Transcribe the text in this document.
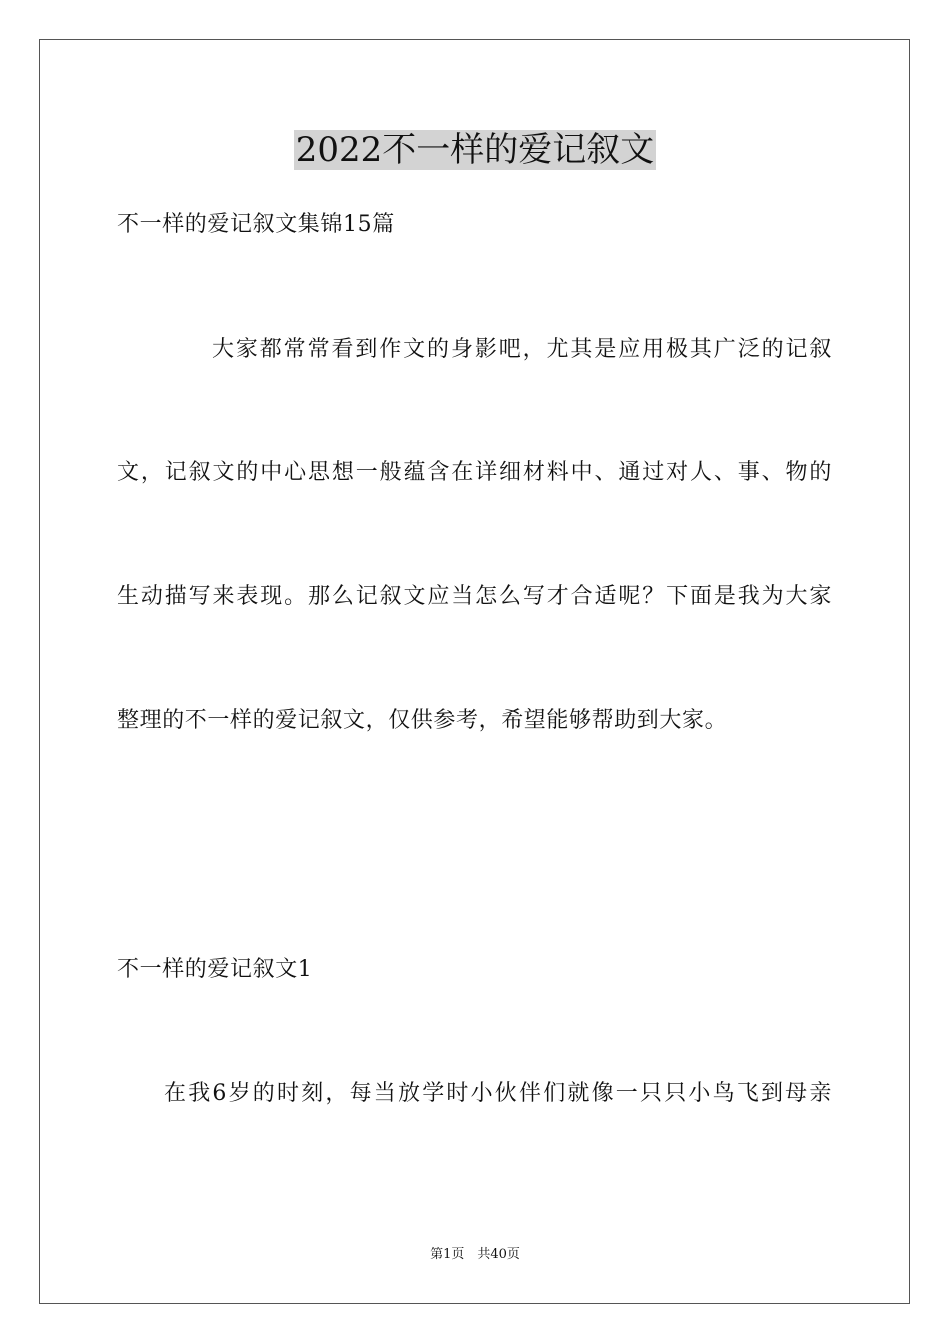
2022不一样的爱记叙文
不一样的爱记叙文集锦15篇
大家都常常看到作文的身影吧，尤其是应用极其广泛的记叙
文，记叙文的中心思想一般蕴含在详细材料中、通过对人、事、物的
生动描写来表现。那么记叙文应当怎么写才合适呢？下面是我为大家
整理的不一样的爱记叙文，仅供参考，希望能够帮助到大家。
不一样的爱记叙文1
在我6岁的时刻，每当放学时小伙伴们就像一只只小鸟飞到母亲
第1页　共40页
